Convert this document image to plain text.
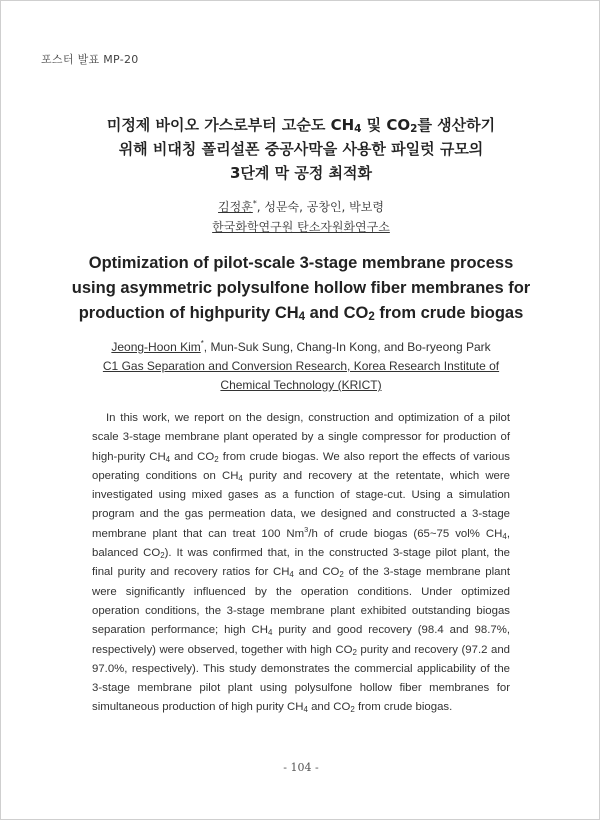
포스터 발표 MP-20
미정제 바이오 가스로부터 고순도 $CH_4$ 및 $CO_2$를 생산하기
위해 비대칭 폴리설폰 중공사막을 사용한 파일럿 규모의
3단계 막 공정 최적화
김정훈*, 성문숙, 공창인, 박보령
한국화학연구원 탄소자원화연구소
Optimization of pilot-scale 3-stage membrane process
using asymmetric polysulfone hollow fiber membranes for
production of highpurity $CH_4$ and $CO_2$ from crude biogas
Jeong-Hoon Kim*, Mun-Suk Sung, Chang-In Kong, and Bo-ryeong Park
C1 Gas Separation and Conversion Research, Korea Research Institute of
Chemical Technology (KRICT)
In this work, we report on the design, construction and optimization of a pilot scale 3-stage membrane plant operated by a single compressor for production of high-purity $CH_4$ and $CO_2$ from crude biogas. We also report the effects of various operating conditions on $CH_4$ purity and recovery at the retentate, which were investigated using mixed gases as a function of stage-cut. Using a simulation program and the gas permeation data, we designed and constructed a 3-stage membrane plant that can treat 100 Nm$^3$/h of crude biogas (65~75 vol% $CH_4$, balanced $CO_2$). It was confirmed that, in the constructed 3-stage pilot plant, the final purity and recovery ratios for $CH_4$ and $CO_2$ of the 3-stage membrane plant were significantly influenced by the operation conditions. Under optimized operation conditions, the 3-stage membrane plant exhibited outstanding biogas separation performance; high $CH_4$ purity and good recovery (98.4 and 98.7%, respectively) were observed, together with high $CO_2$ purity and recovery (97.2 and 97.0%, respectively). This study demonstrates the commercial applicability of the 3-stage membrane pilot plant using polysulfone hollow fiber membranes for simultaneous production of high purity $CH_4$ and $CO_2$ from crude biogas.
- 104 -
